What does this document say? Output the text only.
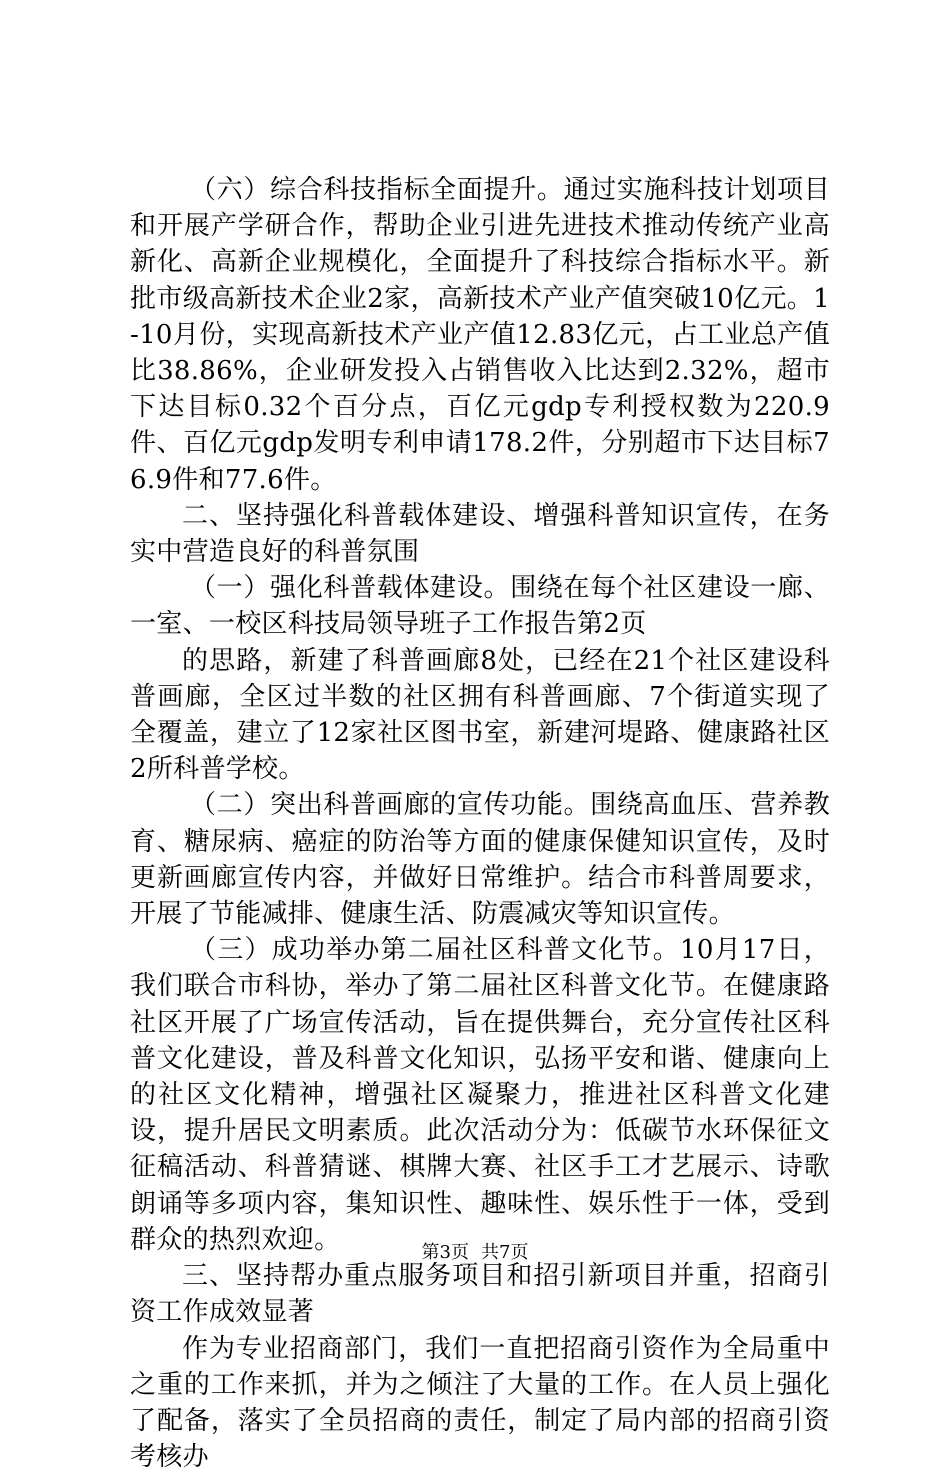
（六）综合科技指标全面提升。通过实施科技计划项目和开展产学研合作，帮助企业引进先进技术推动传统产业高新化、高新企业规模化，全面提升了科技综合指标水平。新批市级高新技术企业2家，高新技术产业产值突破10亿元。1-10月份，实现高新技术产业产值12.83亿元，占工业总产值比38.86%，企业研发投入占销售收入比达到2.32%，超市下达目标0.32个百分点，百亿元gdp专利授权数为220.9件、百亿元gdp发明专利申请178.2件，分别超市下达目标76.9件和77.6件。

二、坚持强化科普载体建设、增强科普知识宣传，在务实中营造良好的科普氛围

（一）强化科普载体建设。围绕在每个社区建设一廊、一室、一校区科技局领导班子工作报告第2页

的思路，新建了科普画廊8处，已经在21个社区建设科普画廊，全区过半数的社区拥有科普画廊、7个街道实现了全覆盖，建立了12家社区图书室，新建河堤路、健康路社区2所科普学校。

（二）突出科普画廊的宣传功能。围绕高血压、营养教育、糖尿病、癌症的防治等方面的健康保健知识宣传，及时更新画廊宣传内容，并做好日常维护。结合市科普周要求，开展了节能减排、健康生活、防震减灾等知识宣传。

（三）成功举办第二届社区科普文化节。10月17日，我们联合市科协，举办了第二届社区科普文化节。在健康路社区开展了广场宣传活动，旨在提供舞台，充分宣传社区科普文化建设，普及科普文化知识，弘扬平安和谐、健康向上的社区文化精神，增强社区凝聚力，推进社区科普文化建设，提升居民文明素质。此次活动分为：低碳节水环保征文征稿活动、科普猜谜、棋牌大赛、社区手工才艺展示、诗歌朗诵等多项内容，集知识性、趣味性、娱乐性于一体，受到群众的热烈欢迎。

三、坚持帮办重点服务项目和招引新项目并重，招商引资工作成效显著

作为专业招商部门，我们一直把招商引资作为全局重中之重的工作来抓，并为之倾注了大量的工作。在人员上强化了配备，落实了全员招商的责任，制定了局内部的招商引资考核办

第3页 共7页
